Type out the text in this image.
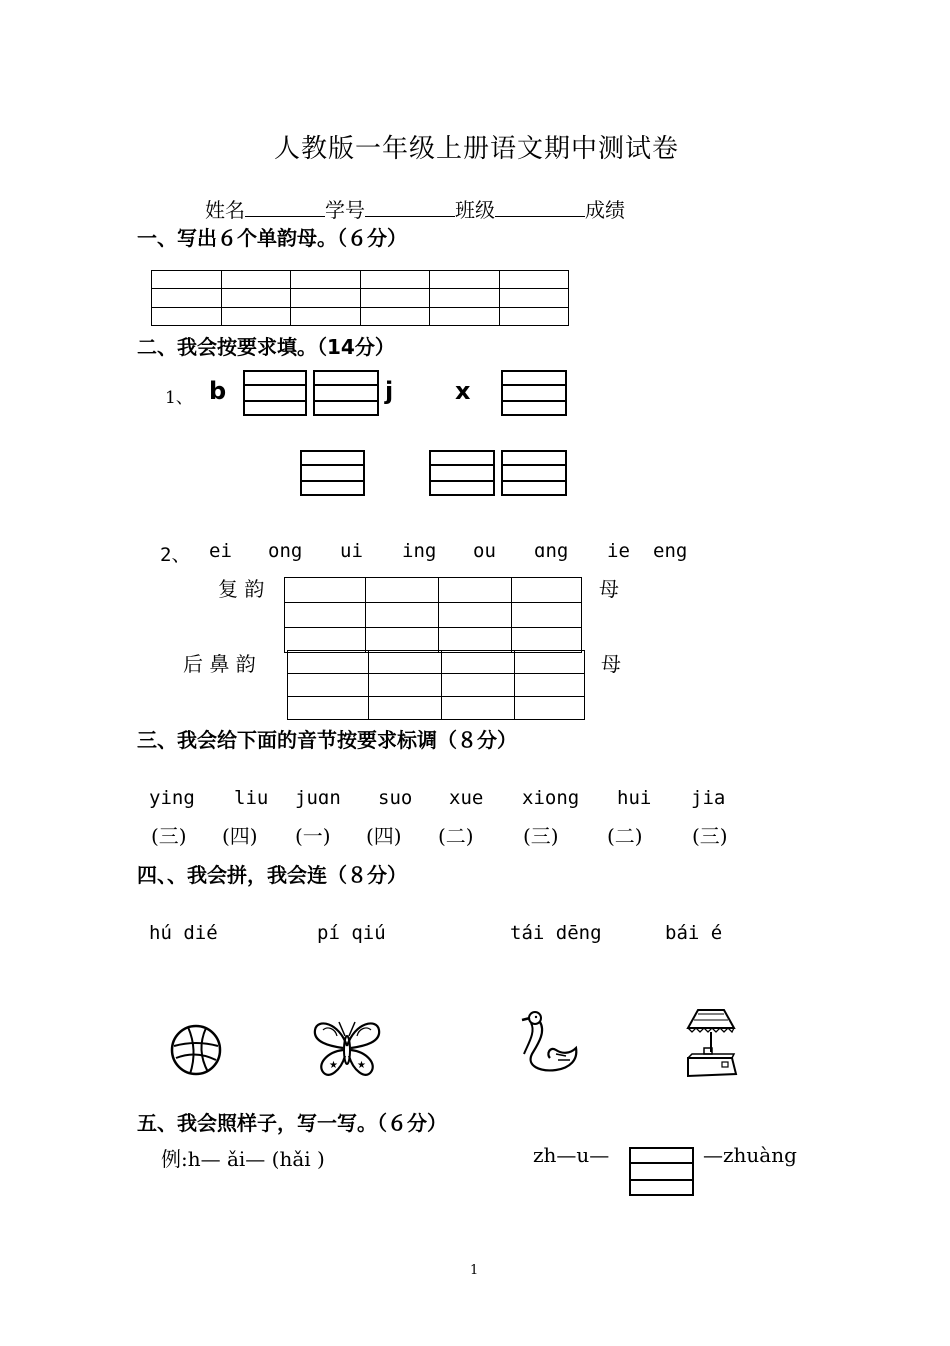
人教版一年级上册语文期中测试卷
姓名	学号	班级	成绩
一、写出６个单韵母。（６分）

二、我会按要求填。（14分）
1、 b	j	x
2、 ei ong ui ing ou ɑng ie eng
复 韵

				母
后 鼻 韵

				母
三、我会给下面的音节按要求标调（８分）
ying liu juɑn suo xue xiong hui jia
(三) (四) (一) (四) (二) (三) (二) (三)
四、、我会拼，我会连（８分）
hú dié	pí qiú	tái dēng	bái é
★ ★
五、我会照样子，写一写。（６分）
例:h— ǎi— (hǎi )	zh—u—	—zhuàng
1
